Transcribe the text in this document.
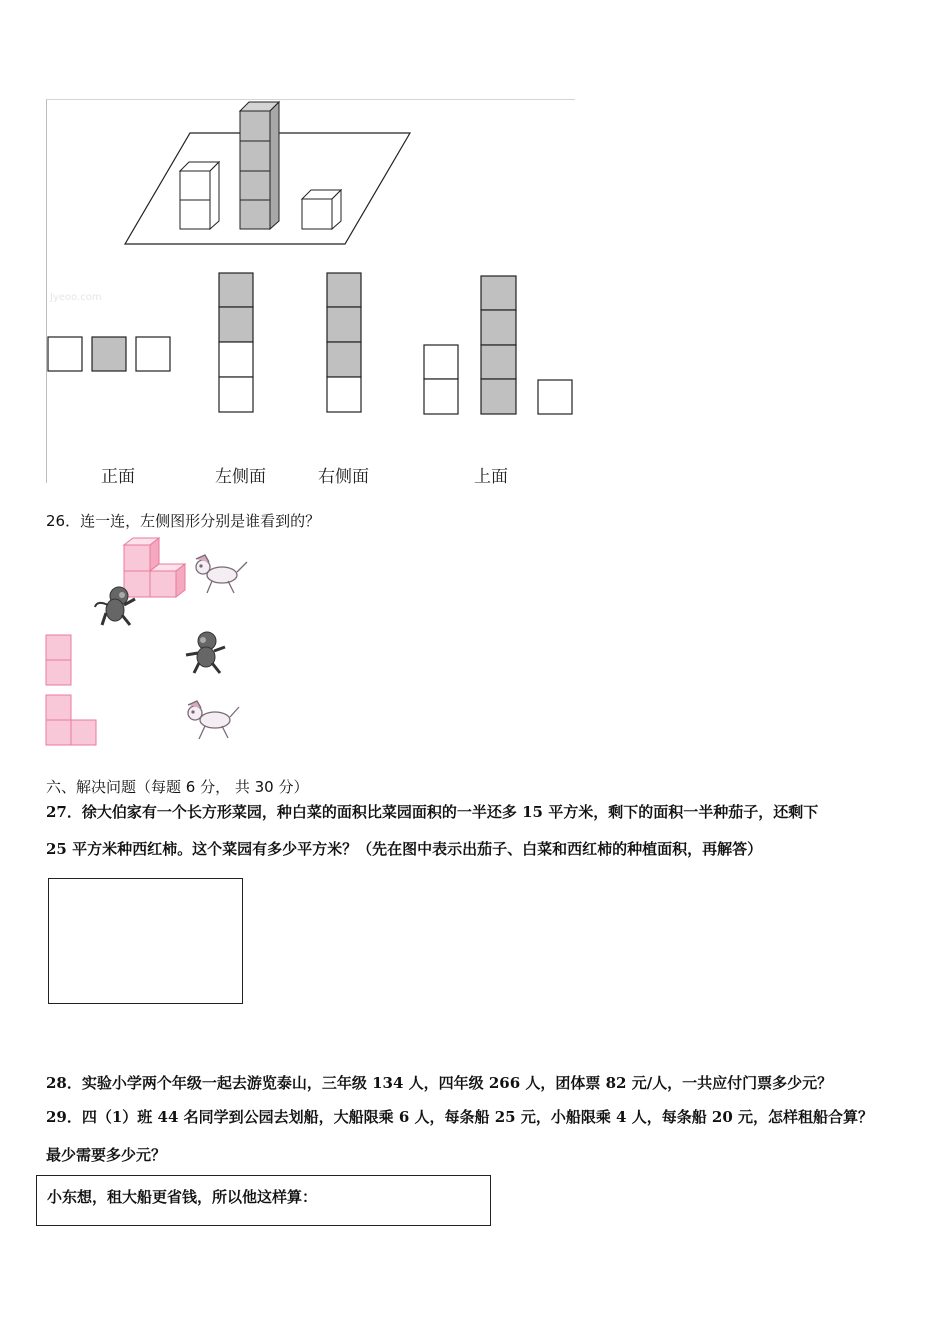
Jyeoo.com
正面	左侧面	右侧面	上面
26．连一连，左侧图形分别是谁看到的？
六、解决问题（每题 6 分， 共 30 分）
27．徐大伯家有一个长方形菜园，种白菜的面积比菜园面积的一半还多 15 平方米，剩下的面积一半种茄子，还剩下
25 平方米种西红柿。这个菜园有多少平方米？（先在图中表示出茄子、白菜和西红柿的种植面积，再解答）
28．实验小学两个年级一起去游览泰山，三年级 134 人，四年级 266 人，团体票 82 元/人，一共应付门票多少元？
29．四（1）班 44 名同学到公园去划船，大船限乘 6 人，每条船 25 元，小船限乘 4 人，每条船 20 元，怎样租船合算？
最少需要多少元？
小东想，租大船更省钱，所以他这样算：
